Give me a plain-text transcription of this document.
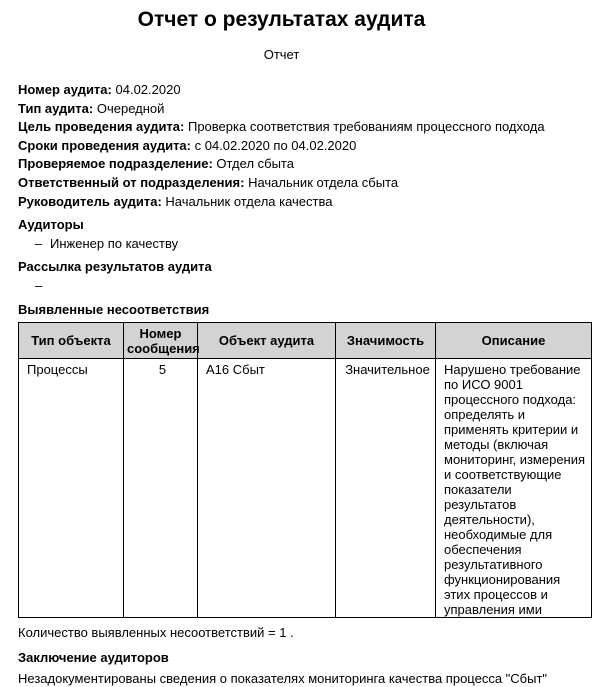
Отчет о результатах аудита
Отчет
Номер аудита: 04.02.2020
Тип аудита: Очередной
Цель проведения аудита: Проверка соответствия требованиям процессного подхода
Сроки проведения аудита: с 04.02.2020 по 04.02.2020
Проверяемое подразделение: Отдел сбыта
Ответственный от подразделения: Начальник отдела сбыта
Руководитель аудита: Начальник отдела качества
Аудиторы
– Инженер по качеству
Рассылка результатов аудита
–
Выявленные несоответствия
Тип объекта	Номер сообщения	Объект аудита	Значимость	Описание
Процессы	5	А16 Сбыт	Значительное	Нарушено требование по ИСО 9001 процессного подхода: определять и применять критерии и методы (включая мониторинг, измерения и соответствующие показатели результатов деятельности), необходимые для обеспечения результативного функционирования этих процессов и управления ими
Количество выявленных несоответствий = 1 .
Заключение аудиторов
Незадокументированы сведения о показателях мониторинга качества процесса "Сбыт"
